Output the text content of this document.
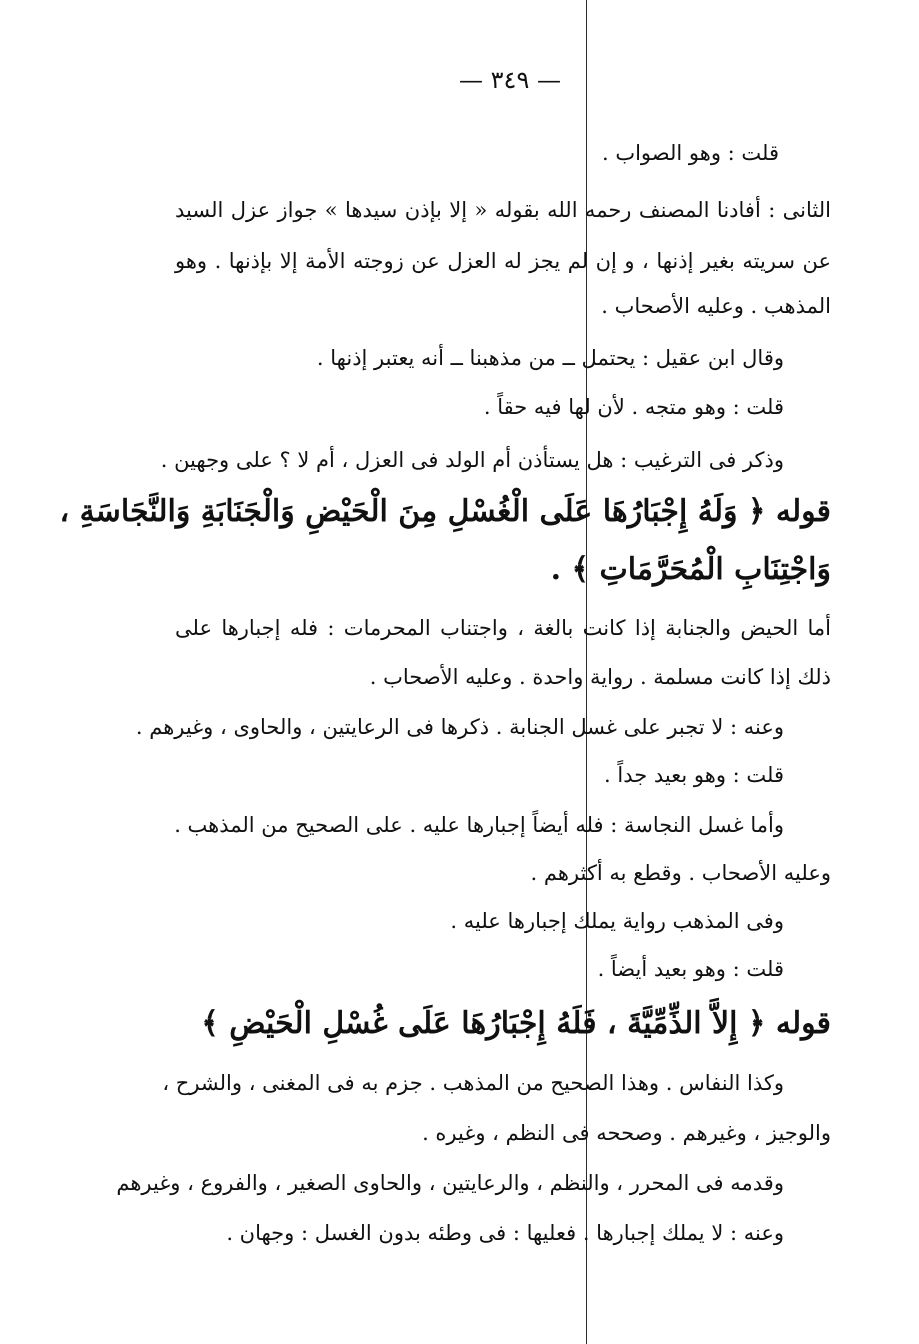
— ٣٤٩ —
قلت : وهو الصواب .
الثانى : أفادنا المصنف رحمه الله بقوله « إلا بإذن سيدها » جواز عزل السيد
عن سريته بغير إذنها ، و إن لم يجز له العزل عن زوجته الأمة إلا بإذنها . وهو
المذهب . وعليه الأصحاب .
وقال ابن عقيل : يحتمل ــ من مذهبنا ــ أنه يعتبر إذنها .
قلت : وهو متجه . لأن لها فيه حقاً .
وذكر فى الترغيب : هل يستأذن أم الولد فى العزل ، أم لا ؟ على وجهين .
قوله ﴿ وَلَهُ إِجْبَارُهَا عَلَى الْغُسْلِ مِنَ الْحَيْضِ وَالْجَنَابَةِ وَالنَّجَاسَةِ ،
وَاجْتِنَابِ الْمُحَرَّمَاتِ ﴾ .
أما الحيض والجنابة إذا كانت بالغة ، واجتناب المحرمات : فله إجبارها على
ذلك إذا كانت مسلمة . رواية واحدة . وعليه الأصحاب .
وعنه : لا تجبر على غسل الجنابة . ذكرها فى الرعايتين ، والحاوى ، وغيرهم .
قلت : وهو بعيد جداً .
وأما غسل النجاسة : فله أيضاً إجبارها عليه . على الصحيح من المذهب .
وعليه الأصحاب . وقطع به أكثرهم .
وفى المذهب رواية يملك إجبارها عليه .
قلت : وهو بعيد أيضاً .
قوله ﴿ إِلاَّ الذِّمِّيَّةَ ، فَلَهُ إِجْبَارُهَا عَلَى غُسْلِ الْحَيْضِ ﴾
وكذا النفاس . وهذا الصحيح من المذهب . جزم به فى المغنى ، والشرح ،
والوجيز ، وغيرهم . وصححه فى النظم ، وغيره .
وقدمه فى المحرر ، والنظم ، والرعايتين ، والحاوى الصغير ، والفروع ، وغيرهم
وعنه : لا يملك إجبارها . فعليها : فى وطئه بدون الغسل : وجهان .
